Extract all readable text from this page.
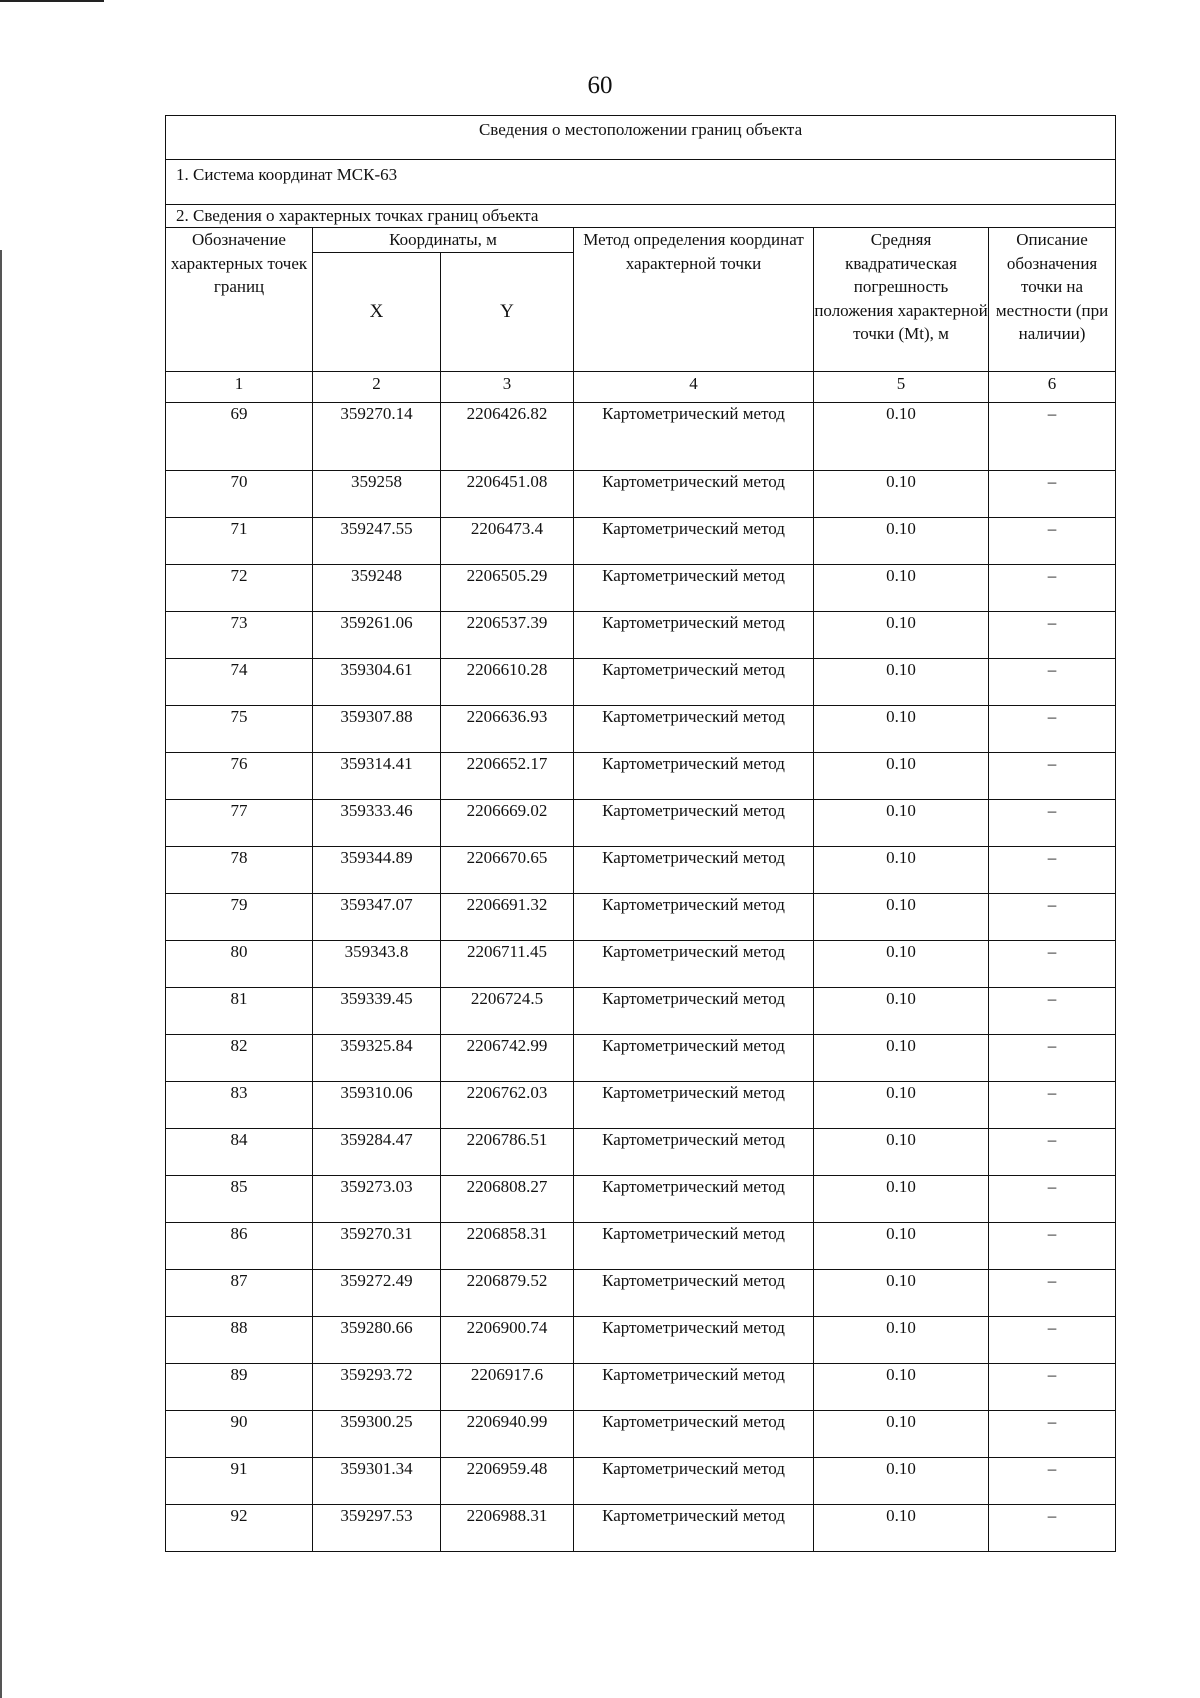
60
Сведения о местоположении границ объекта					
1. Система координат МСК-63					
2. Сведения о характерных точках границ объекта					
Обозначение характерных точек границ	Координаты, м		Метод определения координат характерной точки	Средняя квадратическая погрешность положения характерной точки (Mt), м	Описание обозначения точки на местности (при наличии)
	X	Y			
1	2	3	4	5	6
69	359270.14	2206426.82	Картометрический метод	0.10	–
70	359258	2206451.08	Картометрический метод	0.10	–
71	359247.55	2206473.4	Картометрический метод	0.10	–
72	359248	2206505.29	Картометрический метод	0.10	–
73	359261.06	2206537.39	Картометрический метод	0.10	–
74	359304.61	2206610.28	Картометрический метод	0.10	–
75	359307.88	2206636.93	Картометрический метод	0.10	–
76	359314.41	2206652.17	Картометрический метод	0.10	–
77	359333.46	2206669.02	Картометрический метод	0.10	–
78	359344.89	2206670.65	Картометрический метод	0.10	–
79	359347.07	2206691.32	Картометрический метод	0.10	–
80	359343.8	2206711.45	Картометрический метод	0.10	–
81	359339.45	2206724.5	Картометрический метод	0.10	–
82	359325.84	2206742.99	Картометрический метод	0.10	–
83	359310.06	2206762.03	Картометрический метод	0.10	–
84	359284.47	2206786.51	Картометрический метод	0.10	–
85	359273.03	2206808.27	Картометрический метод	0.10	–
86	359270.31	2206858.31	Картометрический метод	0.10	–
87	359272.49	2206879.52	Картометрический метод	0.10	–
88	359280.66	2206900.74	Картометрический метод	0.10	–
89	359293.72	2206917.6	Картометрический метод	0.10	–
90	359300.25	2206940.99	Картометрический метод	0.10	–
91	359301.34	2206959.48	Картометрический метод	0.10	–
92	359297.53	2206988.31	Картометрический метод	0.10	–
